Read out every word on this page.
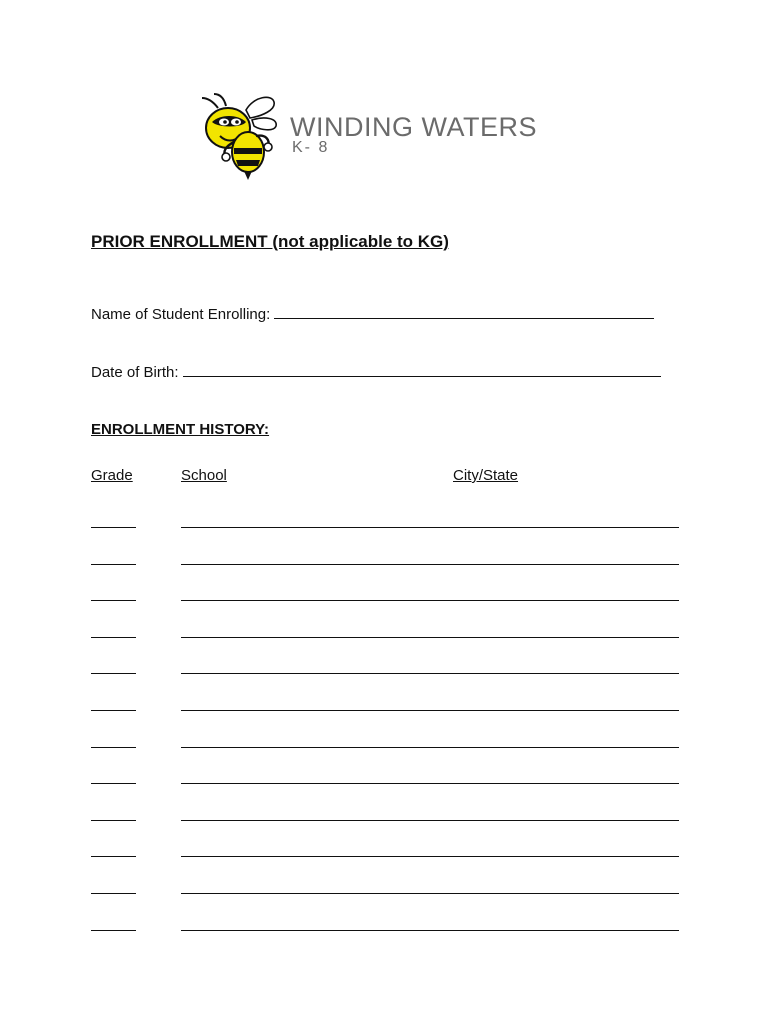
WINDING WATERS
K- 8
PRIOR ENROLLMENT (not applicable to KG)
Name of Student Enrolling:
Date of Birth:
ENROLLMENT HISTORY:
Grade	School	City/State
